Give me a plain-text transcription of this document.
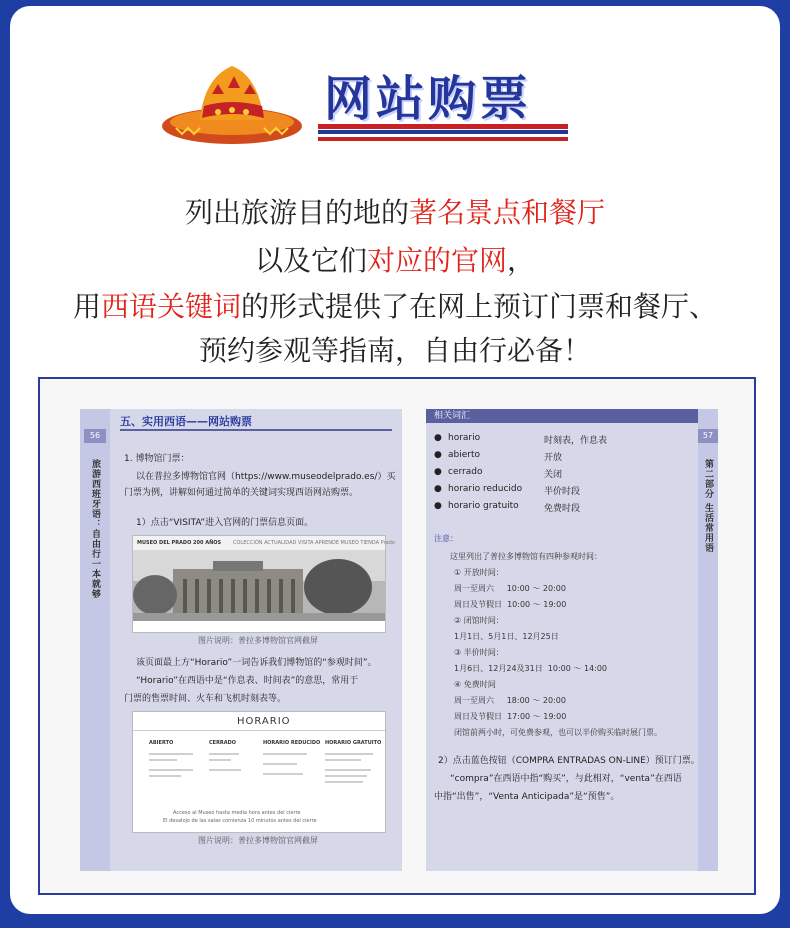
网站购票
列出旅游目的地的著名景点和餐厅
以及它们对应的官网，
用西语关键词的形式提供了在网上预订门票和餐厅、
预约参观等指南，自由行必备！
56
旅游西班牙语：自由行一本就够
五、实用西语——网站购票
1. 博物馆门票：
以在普拉多博物馆官网（https://www.museodelprado.es/）买
门票为例，讲解如何通过简单的关键词实现西语网站购票。
1）点击“VISITA”进入官网的门票信息页面。
MUSEO DEL PRADO 200 AÑOS COLECCIÓN ACTUALIDAD VISITA APRENDE MUSEO TIENDA Prado
图片说明：普拉多博物馆官网截屏
该页面最上方“Horario”一词告诉我们博物馆的“参观时间”。
“Horario”在西语中是“作息表、时间表”的意思，常用于
门票的售票时间、火车和飞机时刻表等。
HORARIO
ABIERTO	CERRADO	HORARIO REDUCIDO HORARIO GRATUITO
Acceso al Museo hasta media hora antes del cierre
El desalojo de las salas comienza 10 minutos antes del cierre
图片说明：普拉多博物馆官网截屏
57
第二部分 生活常用语
相关词汇
● horario	时刻表，作息表
● abierto	开放
● cerrado	关闭
● horario reducido 半价时段
● horario gratuito	免费时段
注意：
这里列出了普拉多博物馆有四种参观时间：
① 开放时间：
周一至周六     10:00 ～ 20:00
周日及节假日  10:00 ～ 19:00
② 闭馆时间：
1月1日、5月1日、12月25日
③ 半价时间：
1月6日、12月24及31日  10:00 ～ 14:00
④ 免费时间
周一至周六     18:00 ～ 20:00
周日及节假日  17:00 ～ 19:00
闭馆前两小时，可免费参观，也可以半价购买临时展门票。
2）点击蓝色按钮（COMPRA ENTRADAS ON-LINE）预订门票。
“compra”在西语中指“购买”，与此相对，“venta”在西语
中指“出售”，“Venta Anticipada”是“预售”。
